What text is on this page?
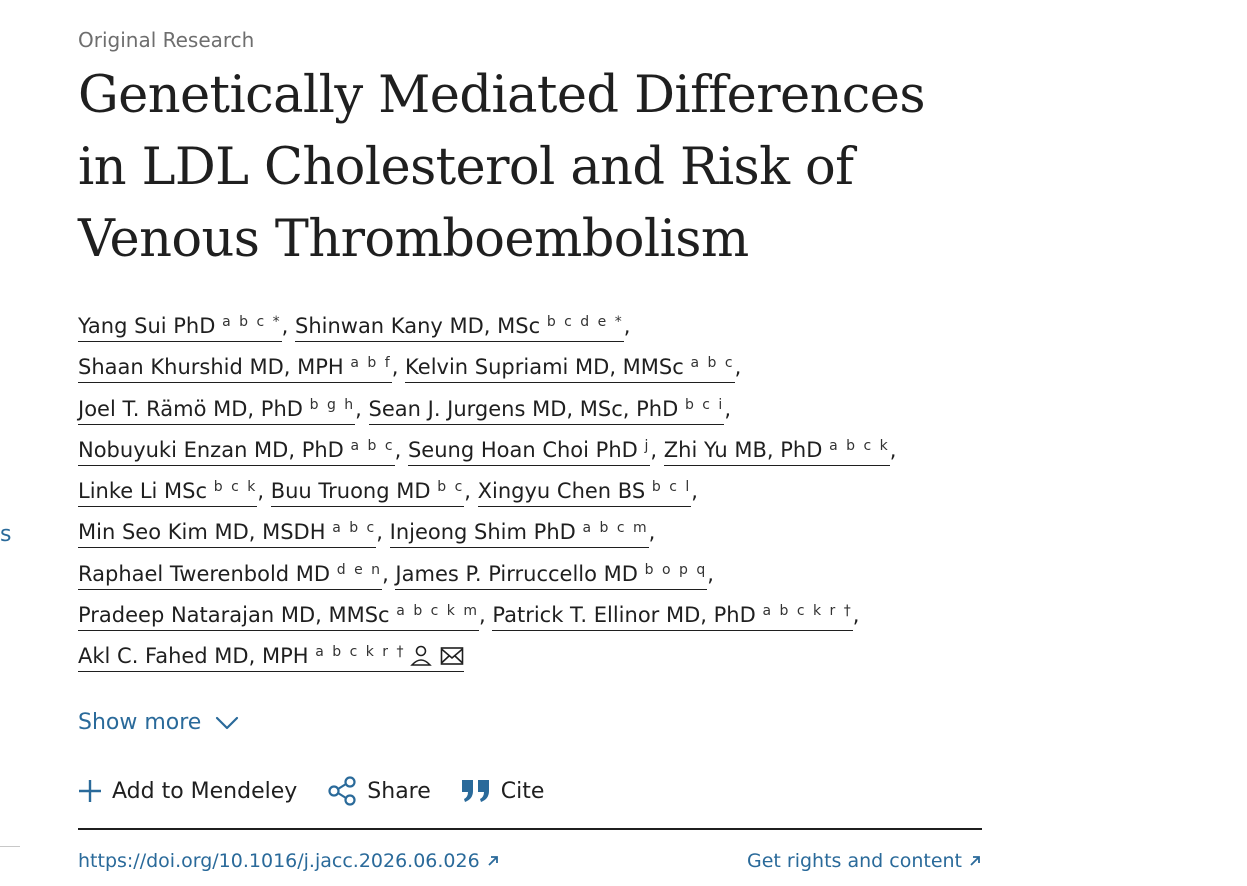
s
Original Research
Genetically Mediated Differences in LDL Cholesterol and Risk of Venous Thromboembolism
Yang Sui PhD $^{a b c *}$, Shinwan Kany MD, MSc $^{b c d e *}$,
Shaan Khurshid MD, MPH $^{a b f}$, Kelvin Supriami MD, MMSc $^{a b c}$,
Joel T. Rämö MD, PhD $^{b g h}$, Sean J. Jurgens MD, MSc, PhD $^{b c i}$,
Nobuyuki Enzan MD, PhD $^{a b c}$, Seung Hoan Choi PhD $^j$, Zhi Yu MB, PhD $^{a b c k}$,
Linke Li MSc $^{b c k}$, Buu Truong MD $^{b c}$, Xingyu Chen BS $^{b c l}$,
Min Seo Kim MD, MSDH $^{a b c}$, Injeong Shim PhD $^{a b c m}$,
Raphael Twerenbold MD $^{d e n}$, James P. Pirruccello MD $^{b o p q}$,
Pradeep Natarajan MD, MMSc $^{a b c k m}$, Patrick T. Ellinor MD, PhD $^{a b c k r \dagger}$,
Akl C. Fahed MD, MPH $^{a b c k r \dagger}$
Show more
Add to Mendeley	Share	Cite
https://doi.org/10.1016/j.jacc.2026.06.026	Get rights and content
